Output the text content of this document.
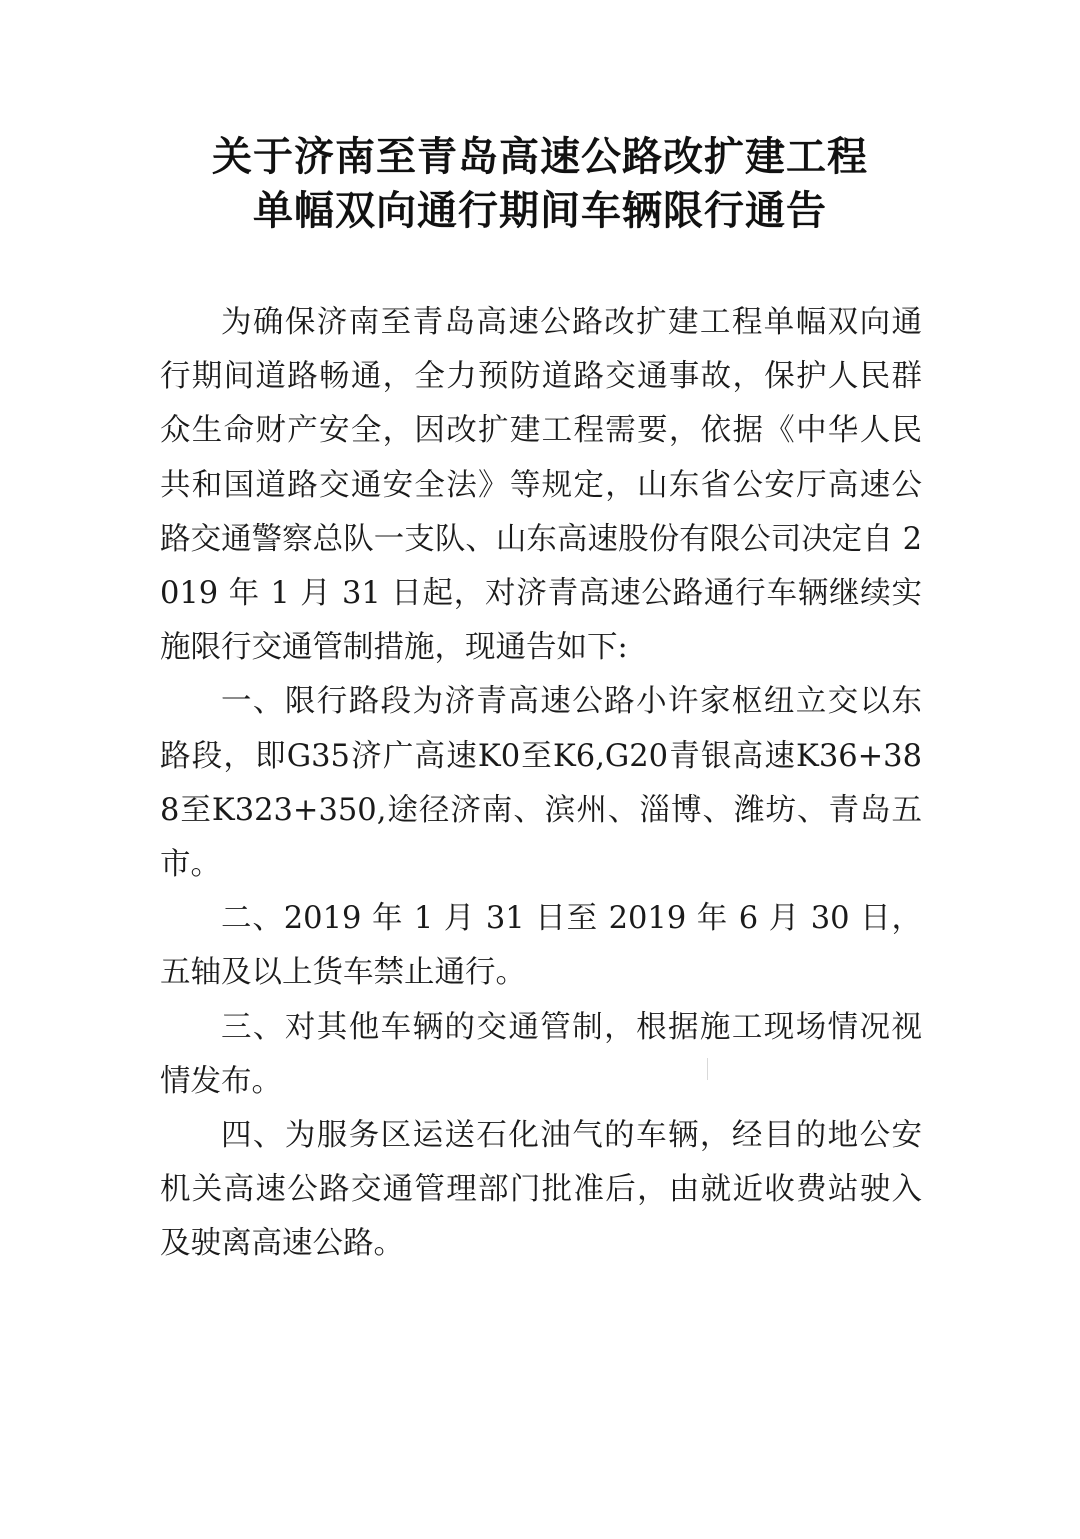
关于济南至青岛高速公路改扩建工程
单幅双向通行期间车辆限行通告

为确保济南至青岛高速公路改扩建工程单幅双向通行期间道路畅通，全力预防道路交通事故，保护人民群众生命财产安全，因改扩建工程需要，依据《中华人民共和国道路交通安全法》等规定，山东省公安厅高速公路交通警察总队一支队、山东高速股份有限公司决定自 2019 年 1 月 31 日起，对济青高速公路通行车辆继续实施限行交通管制措施，现通告如下:

一、限行路段为济青高速公路小许家枢纽立交以东路段，即G35济广高速K0至K6,G20青银高速K36+388至K323+350,途径济南、滨州、淄博、潍坊、青岛五市。

二、2019 年 1 月 31 日至 2019 年 6 月 30 日，五轴及以上货车禁止通行。

三、对其他车辆的交通管制，根据施工现场情况视情发布。

四、为服务区运送石化油气的车辆，经目的地公安机关高速公路交通管理部门批准后，由就近收费站驶入及驶离高速公路。
